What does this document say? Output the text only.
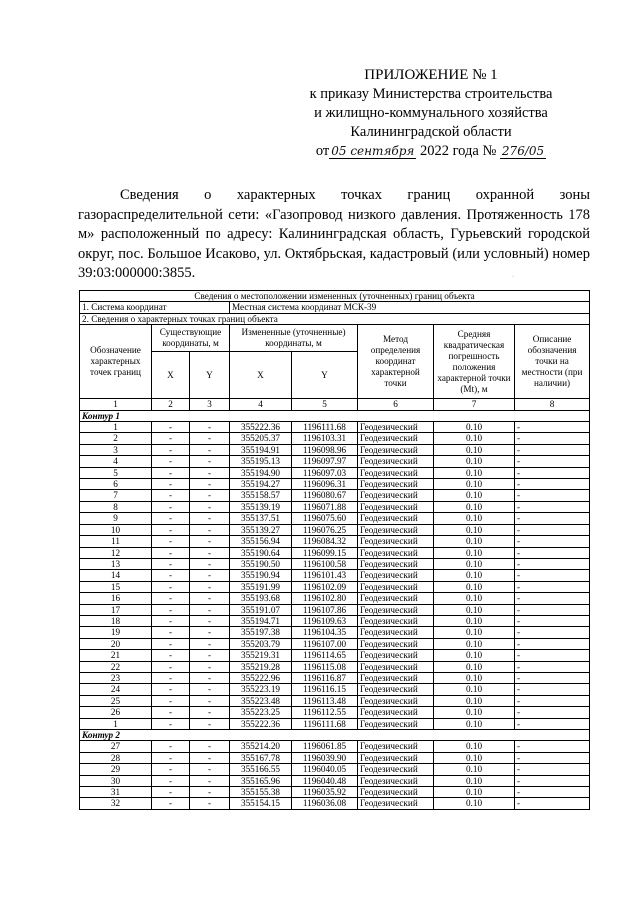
ПРИЛОЖЕНИЕ № 1
к приказу Министерства строительства
и жилищно-коммунального хозяйства
Калининградской области
от 05 сентября 2022 года № 276/05
Сведения о характерных точках границ охранной зоны газораспределительной сети: «Газопровод низкого давления. Протяженность 178 м» расположенный по адресу: Калининградская область, Гурьевский городской округ, пос. Большое Исаково, ул. Октябрьская, кадастровый (или условный) номер 39:03:000000:3855.	·
Сведения о местоположении измененных (уточненных) границ объекта							
1. Система координат			Местная система координат МСК-39				
2. Сведения о характерных точках границ объекта							
Обозначение характерных точек границ	Существующие координаты, м		Измененные (уточненные) координаты, м		Метод определения координат характерной точки	Средняя квадратическая погрешность положения характерной точки (Mt), м	Описание обозначения точки на местности (при наличии)
	X	Y	X	Y			
1	2	3	4	5	6	7	8
Контур 1							
1	-	-	355222.36	1196111.68	Геодезический	0.10	-
2	-	-	355205.37	1196103.31	Геодезический	0.10	-
3	-	-	355194.91	1196098.96	Геодезический	0.10	-
4	-	-	355195.13	1196097.97	Геодезический	0.10	-
5	-	-	355194.90	1196097.03	Геодезический	0.10	-
6	-	-	355194.27	1196096.31	Геодезический	0.10	-
7	-	-	355158.57	1196080.67	Геодезический	0.10	-
8	-	-	355139.19	1196071.88	Геодезический	0.10	-
9	-	-	355137.51	1196075.60	Геодезический	0.10	-
10	-	-	355139.27	1196076.25	Геодезический	0.10	-
11	-	-	355156.94	1196084.32	Геодезический	0.10	-
12	-	-	355190.64	1196099.15	Геодезический	0.10	-
13	-	-	355190.50	1196100.58	Геодезический	0.10	-
14	-	-	355190.94	1196101.43	Геодезический	0.10	-
15	-	-	355191.99	1196102.09	Геодезический	0.10	-
16	-	-	355193.68	1196102.80	Геодезический	0.10	-
17	-	-	355191.07	1196107.86	Геодезический	0.10	-
18	-	-	355194.71	1196109.63	Геодезический	0.10	-
19	-	-	355197.38	1196104.35	Геодезический	0.10	-
20	-	-	355203.79	1196107.00	Геодезический	0.10	-
21	-	-	355219.31	1196114.65	Геодезический	0.10	-
22	-	-	355219.28	1196115.08	Геодезический	0.10	-
23	-	-	355222.96	1196116.87	Геодезический	0.10	-
24	-	-	355223.19	1196116.15	Геодезический	0.10	-
25	-	-	355223.48	1196113.48	Геодезический	0.10	-
26	-	-	355223.25	1196112.55	Геодезический	0.10	-
1	-	-	355222.36	1196111.68	Геодезический	0.10	-
Контур 2							
27	-	-	355214.20	1196061.85	Геодезический	0.10	-
28	-	-	355167.78	1196039.90	Геодезический	0.10	-
29	-	-	355166.55	1196040.05	Геодезический	0.10	-
30	-	-	355165.96	1196040.48	Геодезический	0.10	-
31	-	-	355155.38	1196035.92	Геодезический	0.10	-
32	-	-	355154.15	1196036.08	Геодезический	0.10	-
